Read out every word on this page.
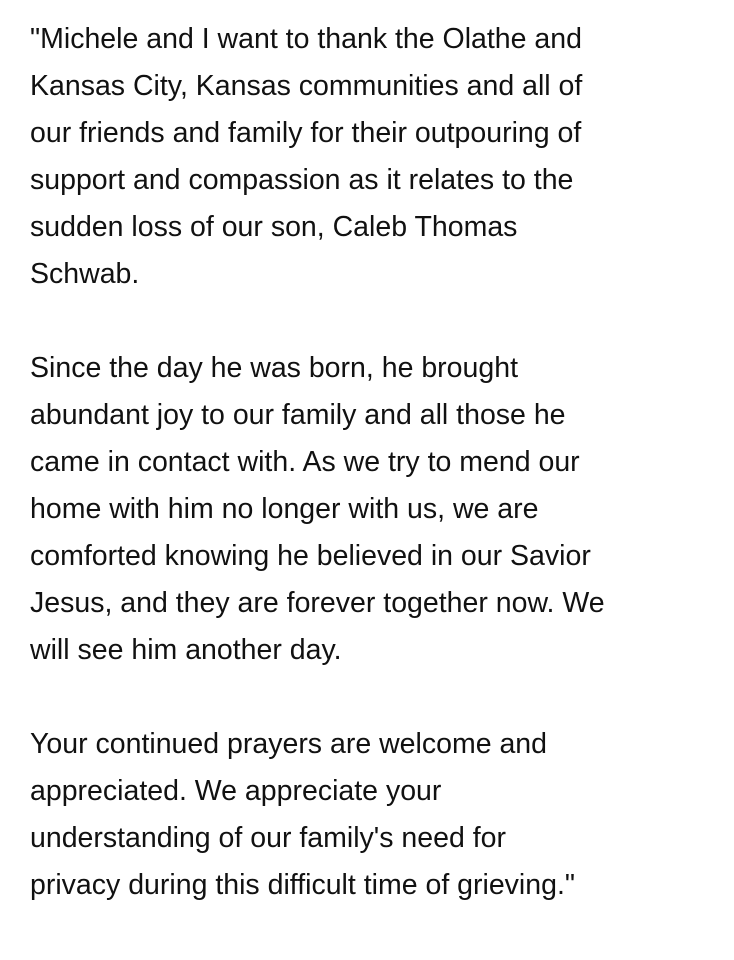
"Michele and I want to thank the Olathe and
Kansas City, Kansas communities and all of
our friends and family for their outpouring of
support and compassion as it relates to the
sudden loss of our son, Caleb Thomas
Schwab.

Since the day he was born, he brought
abundant joy to our family and all those he
came in contact with. As we try to mend our
home with him no longer with us, we are
comforted knowing he believed in our Savior
Jesus, and they are forever together now. We
will see him another day.

Your continued prayers are welcome and
appreciated. We appreciate your
understanding of our family's need for
privacy during this difficult time of grieving."
